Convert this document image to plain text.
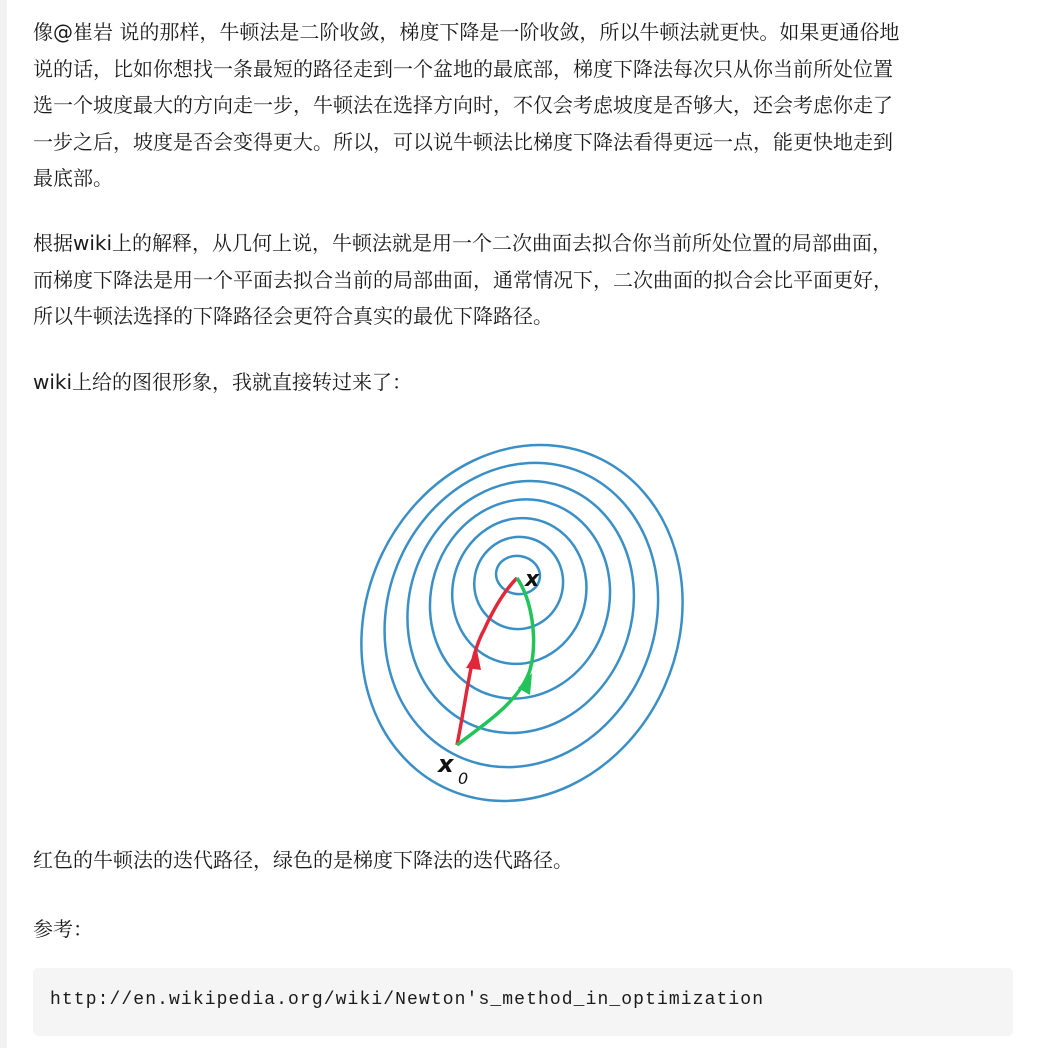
像@崔岩 说的那样，牛顿法是二阶收敛，梯度下降是一阶收敛，所以牛顿法就更快。如果更通俗地
说的话，比如你想找一条最短的路径走到一个盆地的最底部，梯度下降法每次只从你当前所处位置
选一个坡度最大的方向走一步，牛顿法在选择方向时，不仅会考虑坡度是否够大，还会考虑你走了
一步之后，坡度是否会变得更大。所以，可以说牛顿法比梯度下降法看得更远一点，能更快地走到
最底部。
根据wiki上的解释，从几何上说，牛顿法就是用一个二次曲面去拟合你当前所处位置的局部曲面，
而梯度下降法是用一个平面去拟合当前的局部曲面，通常情况下，二次曲面的拟合会比平面更好，
所以牛顿法选择的下降路径会更符合真实的最优下降路径。
wiki上给的图很形象，我就直接转过来了：
x
x
0
红色的牛顿法的迭代路径，绿色的是梯度下降法的迭代路径。
参考：
http://en.wikipedia.org/wiki/Newton's_method_in_optimization
